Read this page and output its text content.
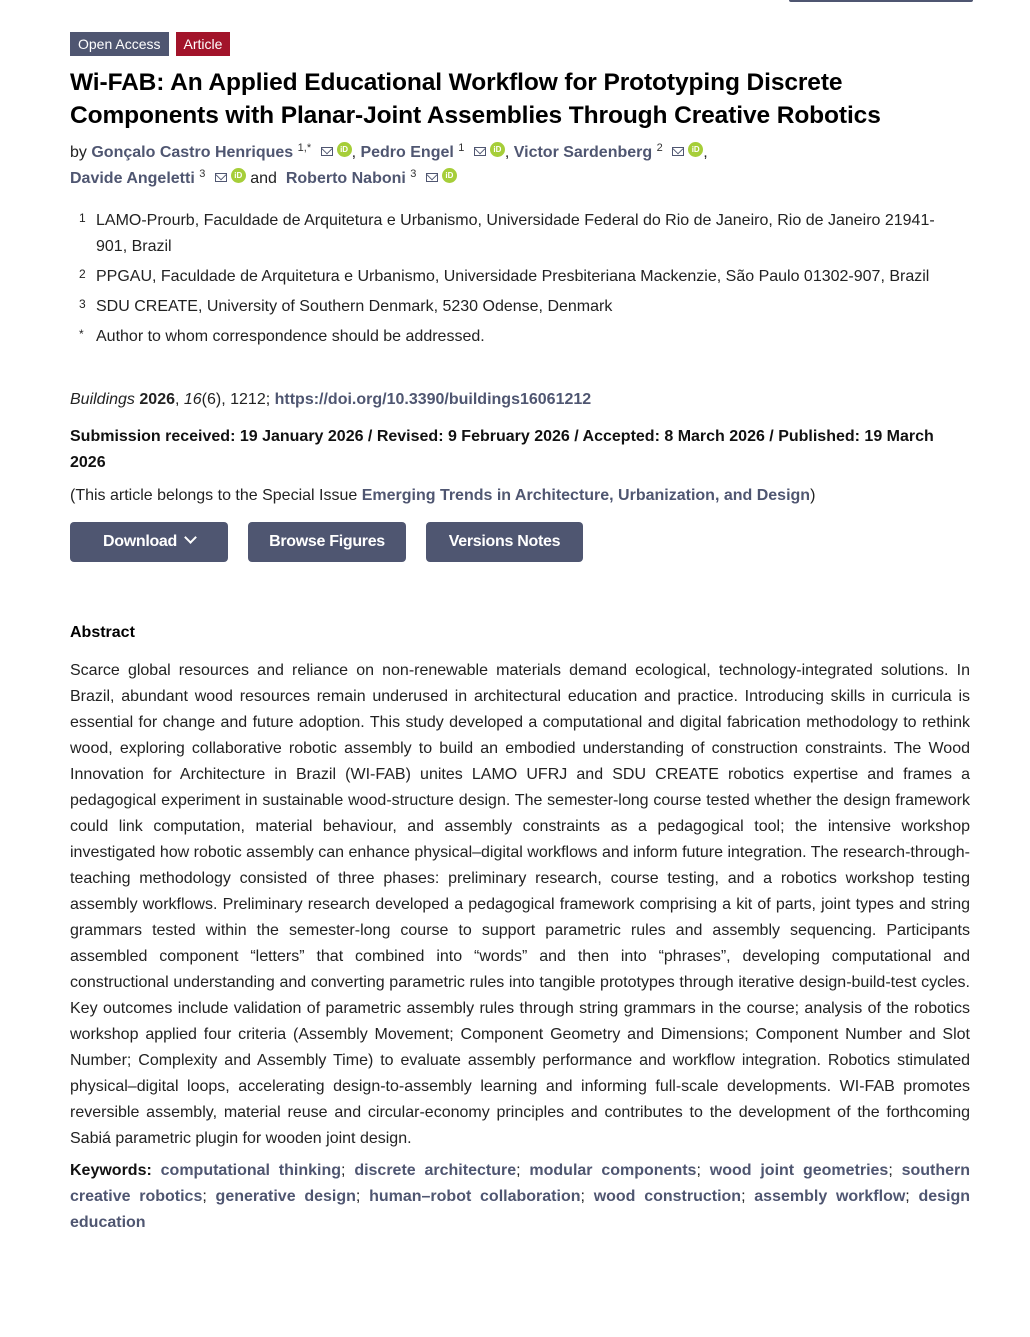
Open Access	Article
Wi-FAB: An Applied Educational Workflow for Prototyping Discrete Components with Planar-Joint Assemblies Through Creative Robotics
by Gonçalo Castro Henriques $^{1,*}$	iD , Pedro Engel $^1$	iD , Victor Sardenberg $^2$	iD ,
Davide Angeletti $^3$	iD and  Roberto Naboni $^3$	iD
1 LAMO-Prourb, Faculdade de Arquitetura e Urbanismo, Universidade Federal do Rio de Janeiro, Rio de Janeiro 21941-901, Brazil
2 PPGAU, Faculdade de Arquitetura e Urbanismo, Universidade Presbiteriana Mackenzie, São Paulo 01302-907, Brazil
3 SDU CREATE, University of Southern Denmark, 5230 Odense, Denmark
* Author to whom correspondence should be addressed.
Buildings 2026, 16(6), 1212; https://doi.org/10.3390/buildings16061212
Submission received: 19 January 2026 / Revised: 9 February 2026 / Accepted: 8 March 2026 / Published: 19 March 2026
(This article belongs to the Special Issue Emerging Trends in Architecture, Urbanization, and Design)
Download	Browse Figures	Versions Notes
Abstract
Scarce global resources and reliance on non-renewable materials demand ecological, technology-integrated solutions. In Brazil, abundant wood resources remain underused in architectural education and practice. Introducing skills in curricula is essential for change and future adoption. This study developed a computational and digital fabrication methodology to rethink wood, exploring collaborative robotic assembly to build an embodied understanding of construction constraints. The Wood Innovation for Architecture in Brazil (WI-FAB) unites LAMO UFRJ and SDU CREATE robotics expertise and frames a pedagogical experiment in sustainable wood-structure design. The semester-long course tested whether the design framework could link computation, material behaviour, and assembly constraints as a pedagogical tool; the intensive workshop investigated how robotic assembly can enhance physical–digital workflows and inform future integration. The research-through-teaching methodology consisted of three phases: preliminary research, course testing, and a robotics workshop testing assembly workflows. Preliminary research developed a pedagogical framework comprising a kit of parts, joint types and string grammars tested within the semester-long course to support parametric rules and assembly sequencing. Participants assembled component “letters” that combined into “words” and then into “phrases”, developing computational and constructional understanding and converting parametric rules into tangible prototypes through iterative design-build-test cycles. Key outcomes include validation of parametric assembly rules through string grammars in the course; analysis of the robotics workshop applied four criteria (Assembly Movement; Component Geometry and Dimensions; Component Number and Slot Number; Complexity and Assembly Time) to evaluate assembly performance and workflow integration. Robotics stimulated physical–digital loops, accelerating design-to-assembly learning and informing full-scale developments. WI-FAB promotes reversible assembly, material reuse and circular-economy principles and contributes to the development of the forthcoming Sabiá parametric plugin for wooden joint design.
Keywords: computational thinking; discrete architecture; modular components; wood joint geometries; southern creative robotics; generative design; human–robot collaboration; wood construction; assembly workflow; design education
